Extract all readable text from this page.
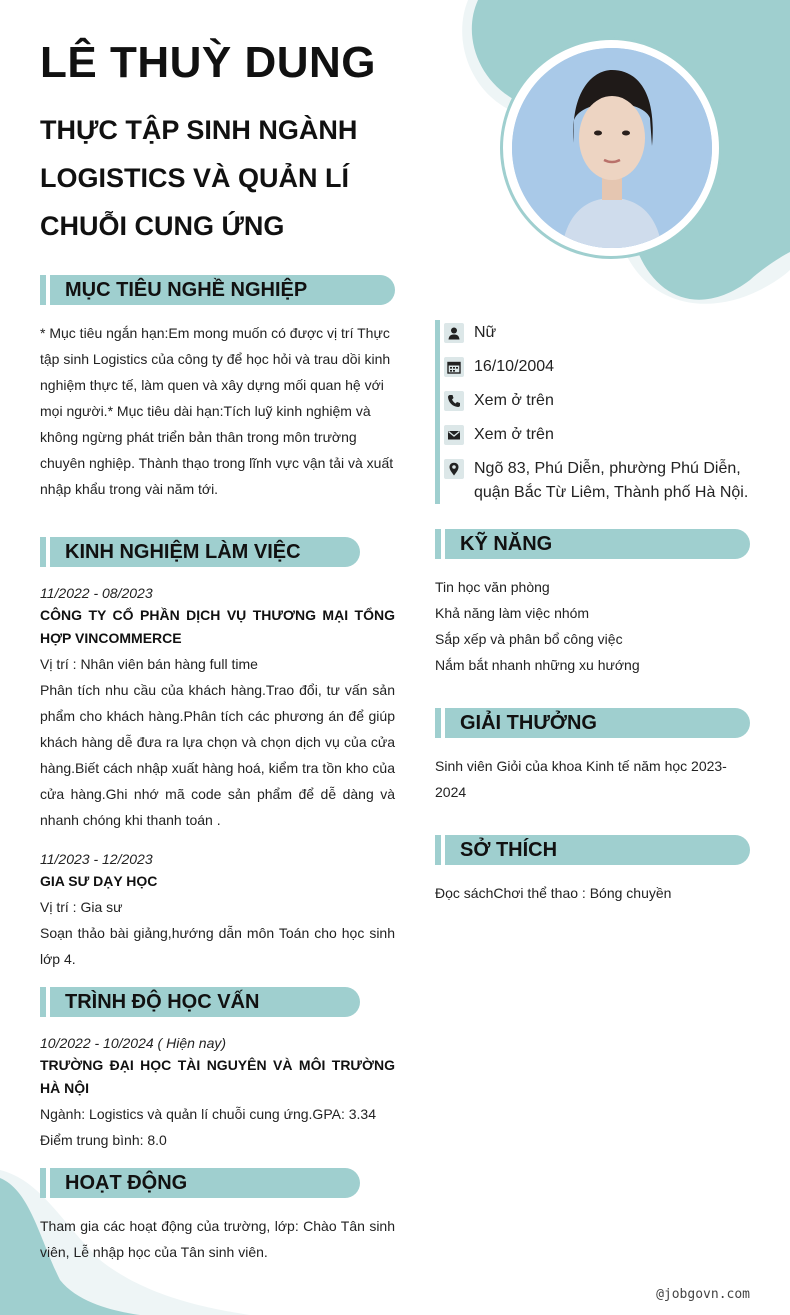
LÊ THUỲ DUNG
THỰC TẬP SINH NGÀNH LOGISTICS VÀ QUẢN LÍ CHUỖI CUNG ỨNG
MỤC TIÊU NGHỀ NGHIỆP
* Mục tiêu ngắn hạn:Em mong muốn có được vị trí Thực tập sinh Logistics của công ty để học hỏi và trau dồi kinh nghiệm thực tế, làm quen và xây dựng mối quan hệ với mọi người.* Mục tiêu dài hạn:Tích luỹ kinh nghiệm và không ngừng phát triển bản thân trong môn trường chuyên nghiệp. Thành thạo trong lĩnh vực vận tải và xuất nhập khẩu trong vài năm tới.
Nữ
16/10/2004
Xem ở trên
Xem ở trên
Ngõ 83, Phú Diễn, phường Phú Diễn, quận Bắc Từ Liêm, Thành phố Hà Nội.
KINH NGHIỆM LÀM VIỆC
11/2022 - 08/2023
CÔNG TY CỔ PHẦN DỊCH VỤ THƯƠNG MẠI TỔNG HỢP VINCOMMERCE
Vị trí : Nhân viên bán hàng full time
Phân tích nhu cầu của khách hàng.Trao đổi, tư vấn sản phẩm cho khách hàng.Phân tích các phương án để giúp khách hàng dễ đưa ra lựa chọn và chọn dịch vụ của cửa hàng.Biết cách nhập xuất hàng hoá, kiểm tra tồn kho của cửa hàng.Ghi nhớ mã code sản phẩm để dễ dàng và nhanh chóng khi thanh toán .
11/2023 - 12/2023
GIA SƯ DẠY HỌC
Vị trí : Gia sư
Soạn thảo bài giảng,hướng dẫn môn Toán cho học sinh lớp 4.
TRÌNH ĐỘ HỌC VẤN
10/2022 - 10/2024 ( Hiện nay)
TRƯỜNG ĐẠI HỌC TÀI NGUYÊN VÀ MÔI TRƯỜNG HÀ NỘI
Ngành: Logistics và quản lí chuỗi cung ứng.GPA: 3.34
Điểm trung bình: 8.0
HOẠT ĐỘNG
Tham gia các hoạt động của trường, lớp: Chào Tân sinh viên, Lễ nhập học của Tân sinh viên.
KỸ NĂNG
Tin học văn phòng
Khả năng làm việc nhóm
Sắp xếp và phân bổ công việc
Nắm bắt nhanh những xu hướng
GIẢI THƯỞNG
Sinh viên Giỏi của khoa Kinh tế năm học 2023-2024
SỞ THÍCH
Đọc sáchChơi thể thao : Bóng chuyền
@jobgovn.com
